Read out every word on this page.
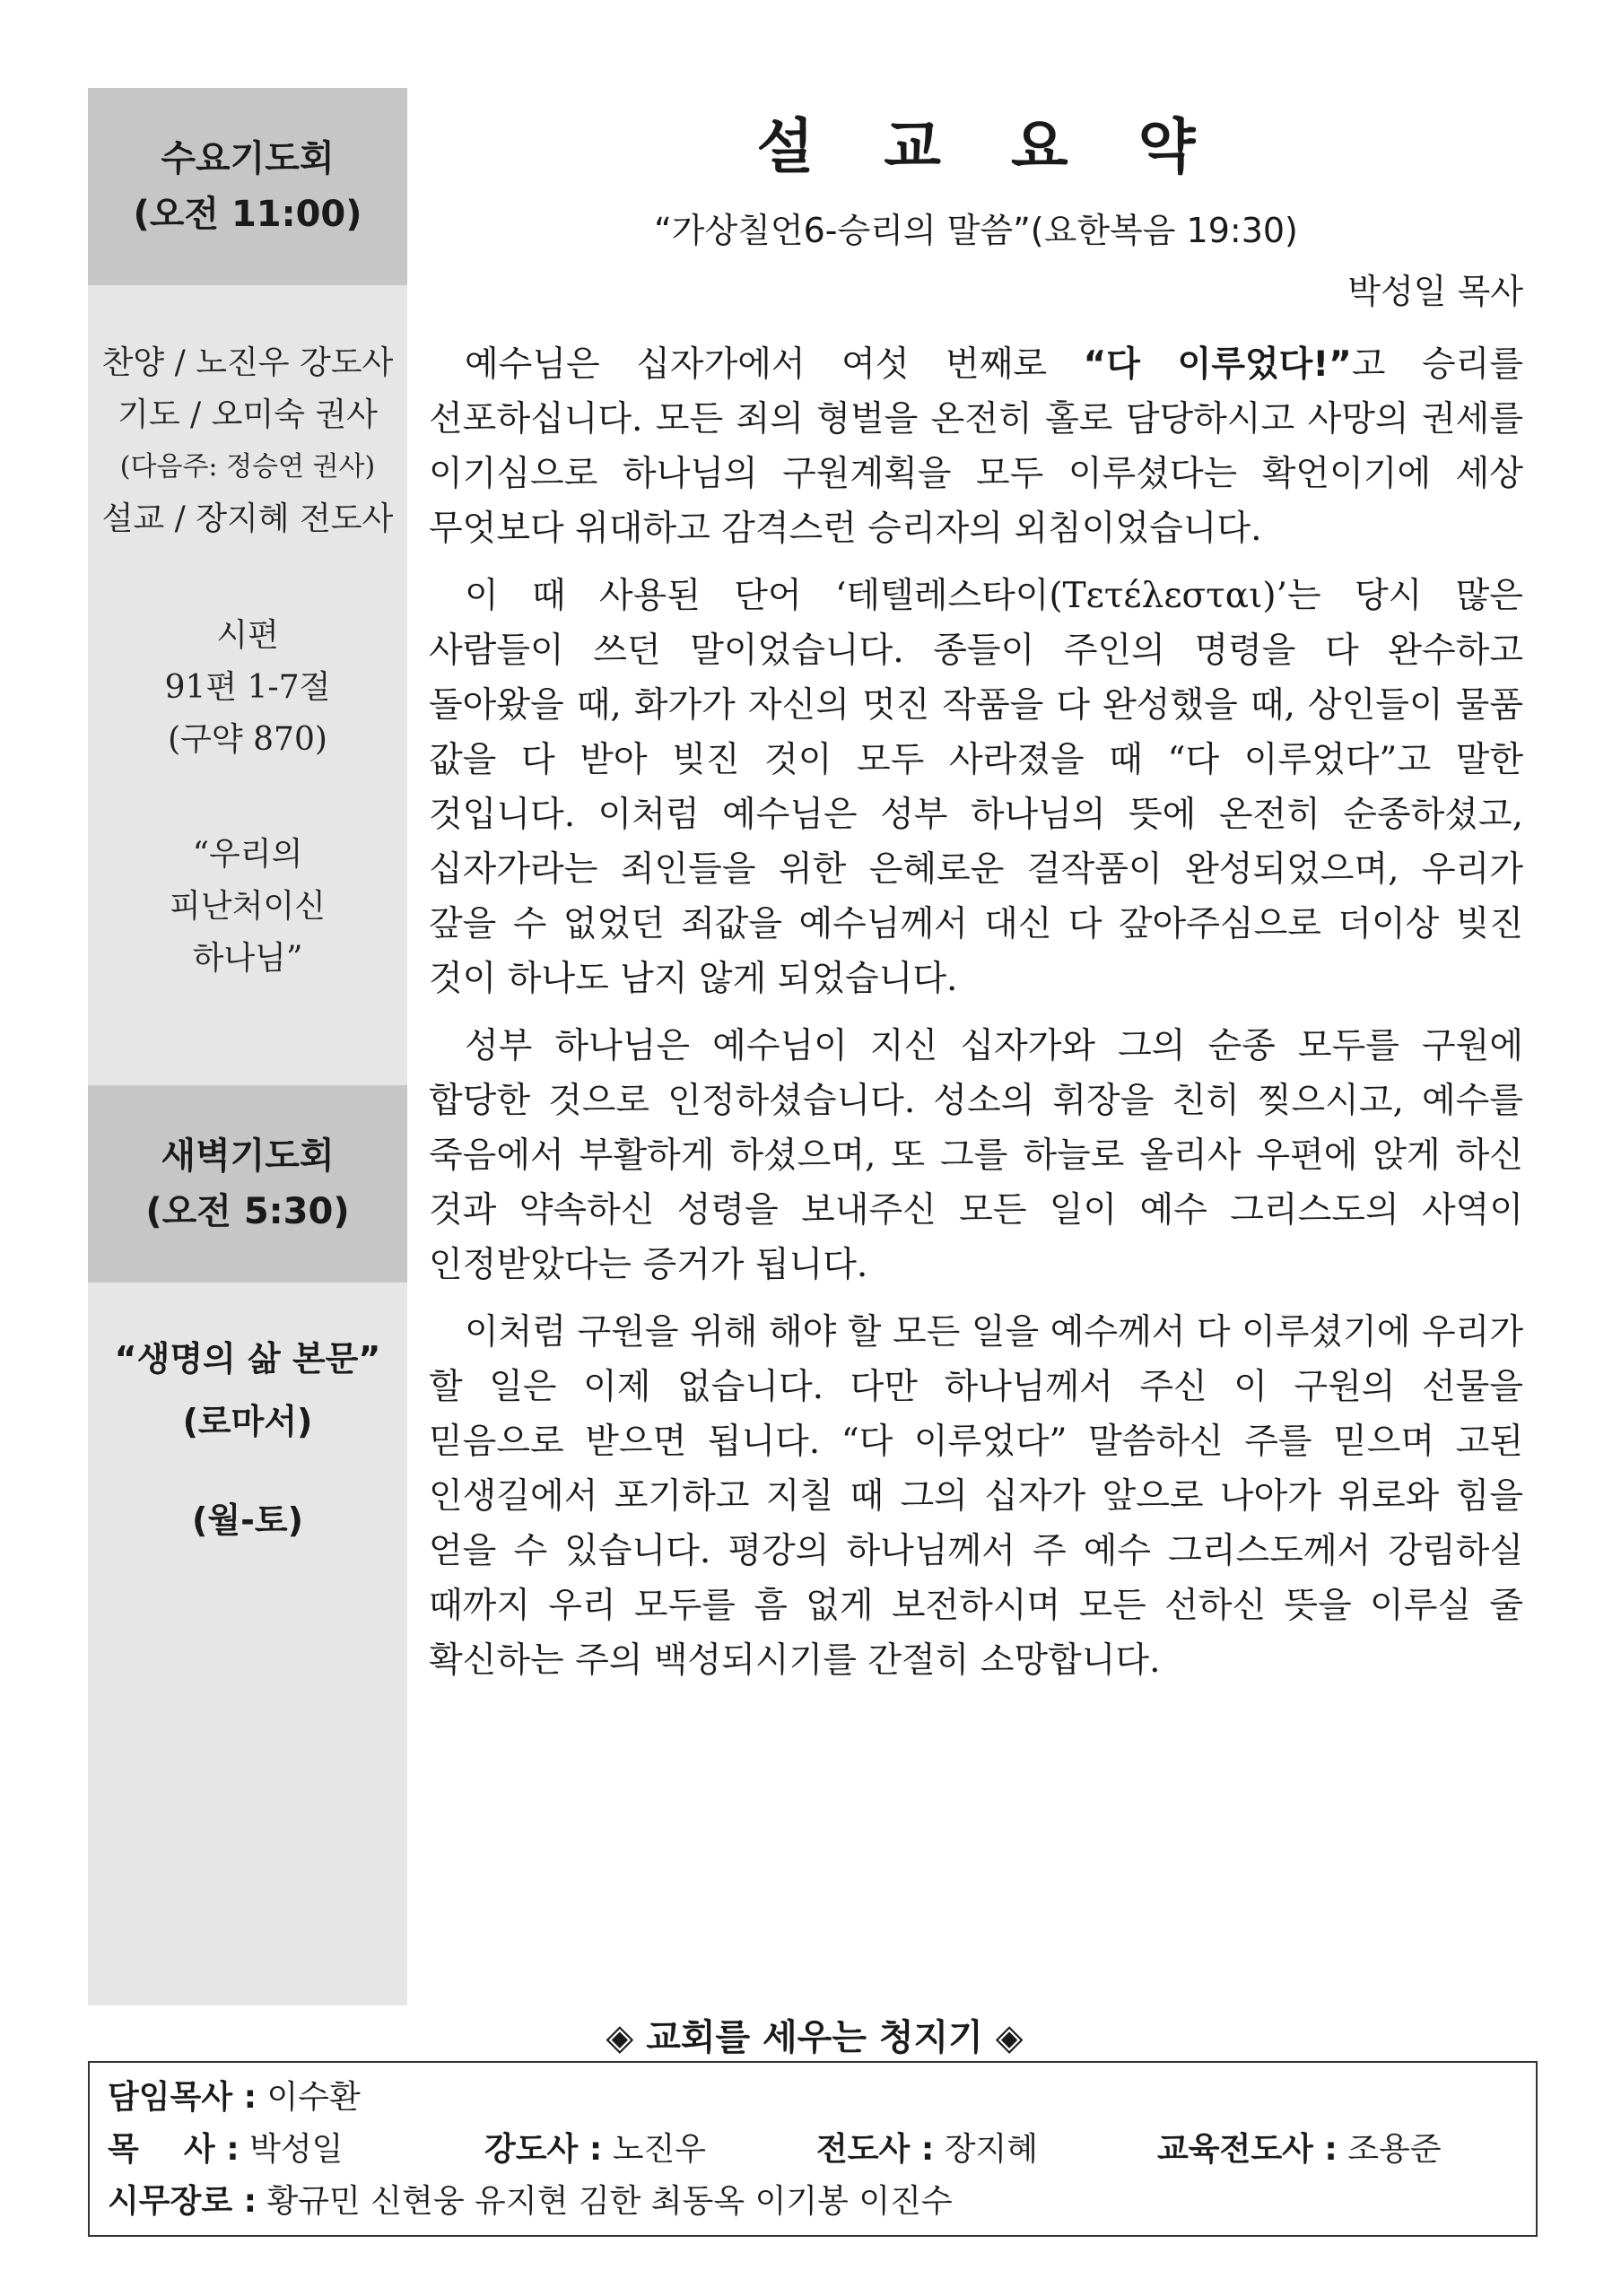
수요기도회
(오전 11:00)
찬양 / 노진우 강도사
기도 / 오미숙 권사
(다음주: 정승연 권사)
설교 / 장지혜 전도사
시편
91편 1-7절
(구약 870)
“우리의
피난처이신
하나님”
새벽기도회
(오전 5:30)
“생명의 삶 본문”
(로마서)
(월-토)
설교요약
“가상칠언6-승리의 말씀”(요한복음 19:30)
박성일 목사

예수님은 십자가에서 여섯 번째로 “다 이루었다!”고 승리를 선포하십니다. 모든 죄의 형벌을 온전히 홀로 담당하시고 사망의 권세를 이기심으로 하나님의 구원계획을 모두 이루셨다는 확언이기에 세상 무엇보다 위대하고 감격스런 승리자의 외침이었습니다.

이 때 사용된 단어 ‘테텔레스타이(Τετέλεσται)’는 당시 많은 사람들이 쓰던 말이었습니다. 종들이 주인의 명령을 다 완수하고 돌아왔을 때, 화가가 자신의 멋진 작품을 다 완성했을 때, 상인들이 물품 값을 다 받아 빚진 것이 모두 사라졌을 때 “다 이루었다”고 말한 것입니다. 이처럼 예수님은 성부 하나님의 뜻에 온전히 순종하셨고, 십자가라는 죄인들을 위한 은혜로운 걸작품이 완성되었으며, 우리가 갚을 수 없었던 죄값을 예수님께서 대신 다 갚아주심으로 더이상 빚진 것이 하나도 남지 않게 되었습니다.

성부 하나님은 예수님이 지신 십자가와 그의 순종 모두를 구원에 합당한 것으로 인정하셨습니다. 성소의 휘장을 친히 찢으시고, 예수를 죽음에서 부활하게 하셨으며, 또 그를 하늘로 올리사 우편에 앉게 하신 것과 약속하신 성령을 보내주신 모든 일이 예수 그리스도의 사역이 인정받았다는 증거가 됩니다.

이처럼 구원을 위해 해야 할 모든 일을 예수께서 다 이루셨기에 우리가 할 일은 이제 없습니다. 다만 하나님께서 주신 이 구원의 선물을 믿음으로 받으면 됩니다. “다 이루었다” 말씀하신 주를 믿으며 고된 인생길에서 포기하고 지칠 때 그의 십자가 앞으로 나아가 위로와 힘을 얻을 수 있습니다. 평강의 하나님께서 주 예수 그리스도께서 강림하실 때까지 우리 모두를 흠 없게 보전하시며 모든 선하신 뜻을 이루실 줄 확신하는 주의 백성되시기를 간절히 소망합니다.

◈ 교회를 세우는 청지기 ◈
담임목사 : 이수환
목    사 : 박성일	강도사 : 노진우	전도사 : 장지혜	교육전도사 : 조용준
시무장로 : 황규민 신현웅 유지현 김한 최동옥 이기봉 이진수
